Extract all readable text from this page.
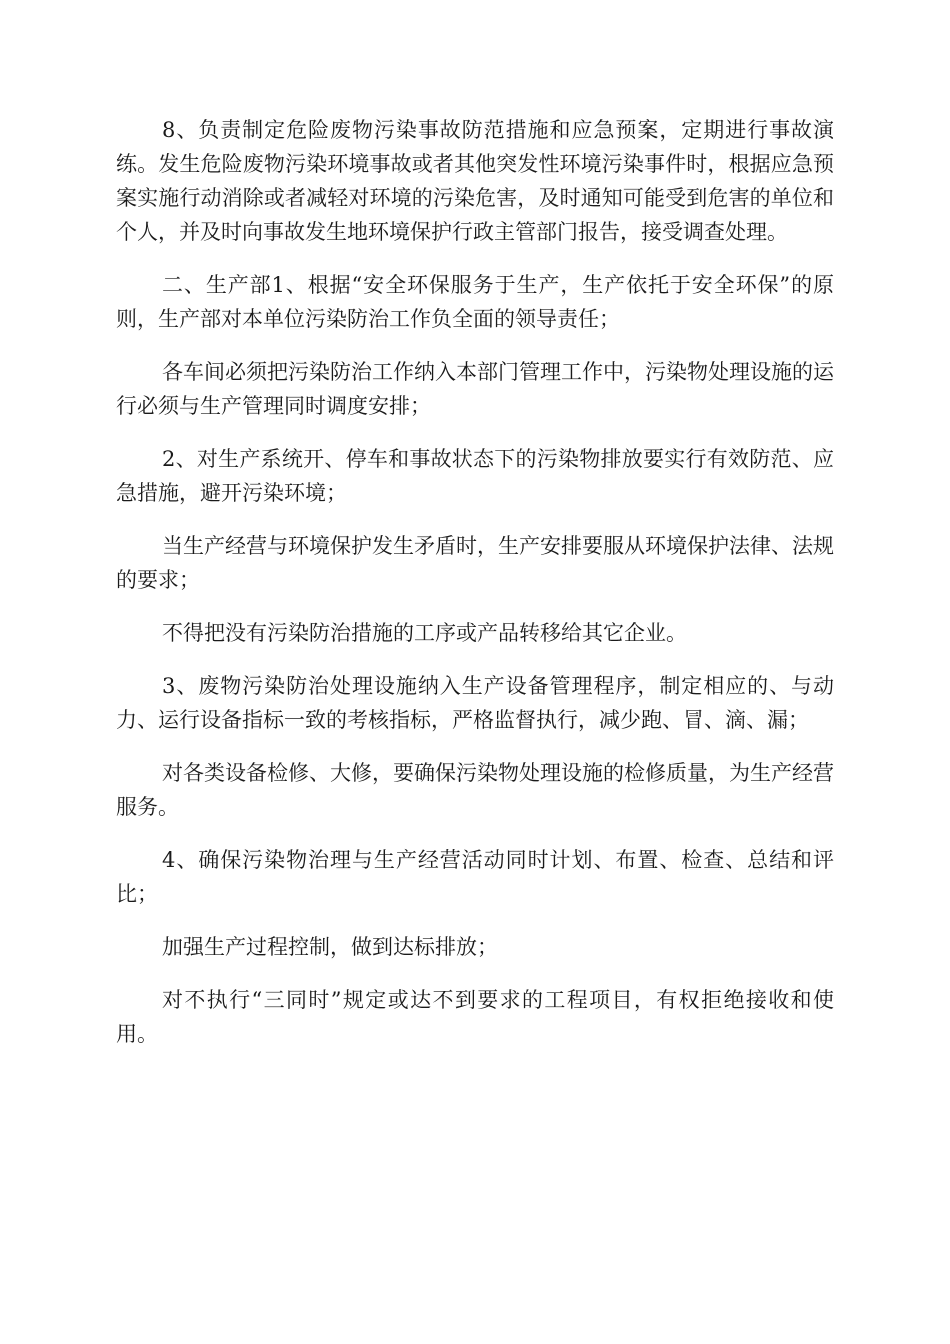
8、负责制定危险废物污染事故防范措施和应急预案，定期进行事故演练。发生危险废物污染环境事故或者其他突发性环境污染事件时，根据应急预案实施行动消除或者减轻对环境的污染危害，及时通知可能受到危害的单位和个人，并及时向事故发生地环境保护行政主管部门报告，接受调查处理。

二、生产部1、根据“安全环保服务于生产，生产依托于安全环保”的原则，生产部对本单位污染防治工作负全面的领导责任；

各车间必须把污染防治工作纳入本部门管理工作中，污染物处理设施的运行必须与生产管理同时调度安排；

2、对生产系统开、停车和事故状态下的污染物排放要实行有效防范、应急措施，避开污染环境；

当生产经营与环境保护发生矛盾时，生产安排要服从环境保护法律、法规的要求；

不得把没有污染防治措施的工序或产品转移给其它企业。

3、废物污染防治处理设施纳入生产设备管理程序，制定相应的、与动力、运行设备指标一致的考核指标，严格监督执行，减少跑、冒、滴、漏；

对各类设备检修、大修，要确保污染物处理设施的检修质量，为生产经营服务。

4、确保污染物治理与生产经营活动同时计划、布置、检查、总结和评比；

加强生产过程控制，做到达标排放；

对不执行“三同时”规定或达不到要求的工程项目，有权拒绝接收和使用。
